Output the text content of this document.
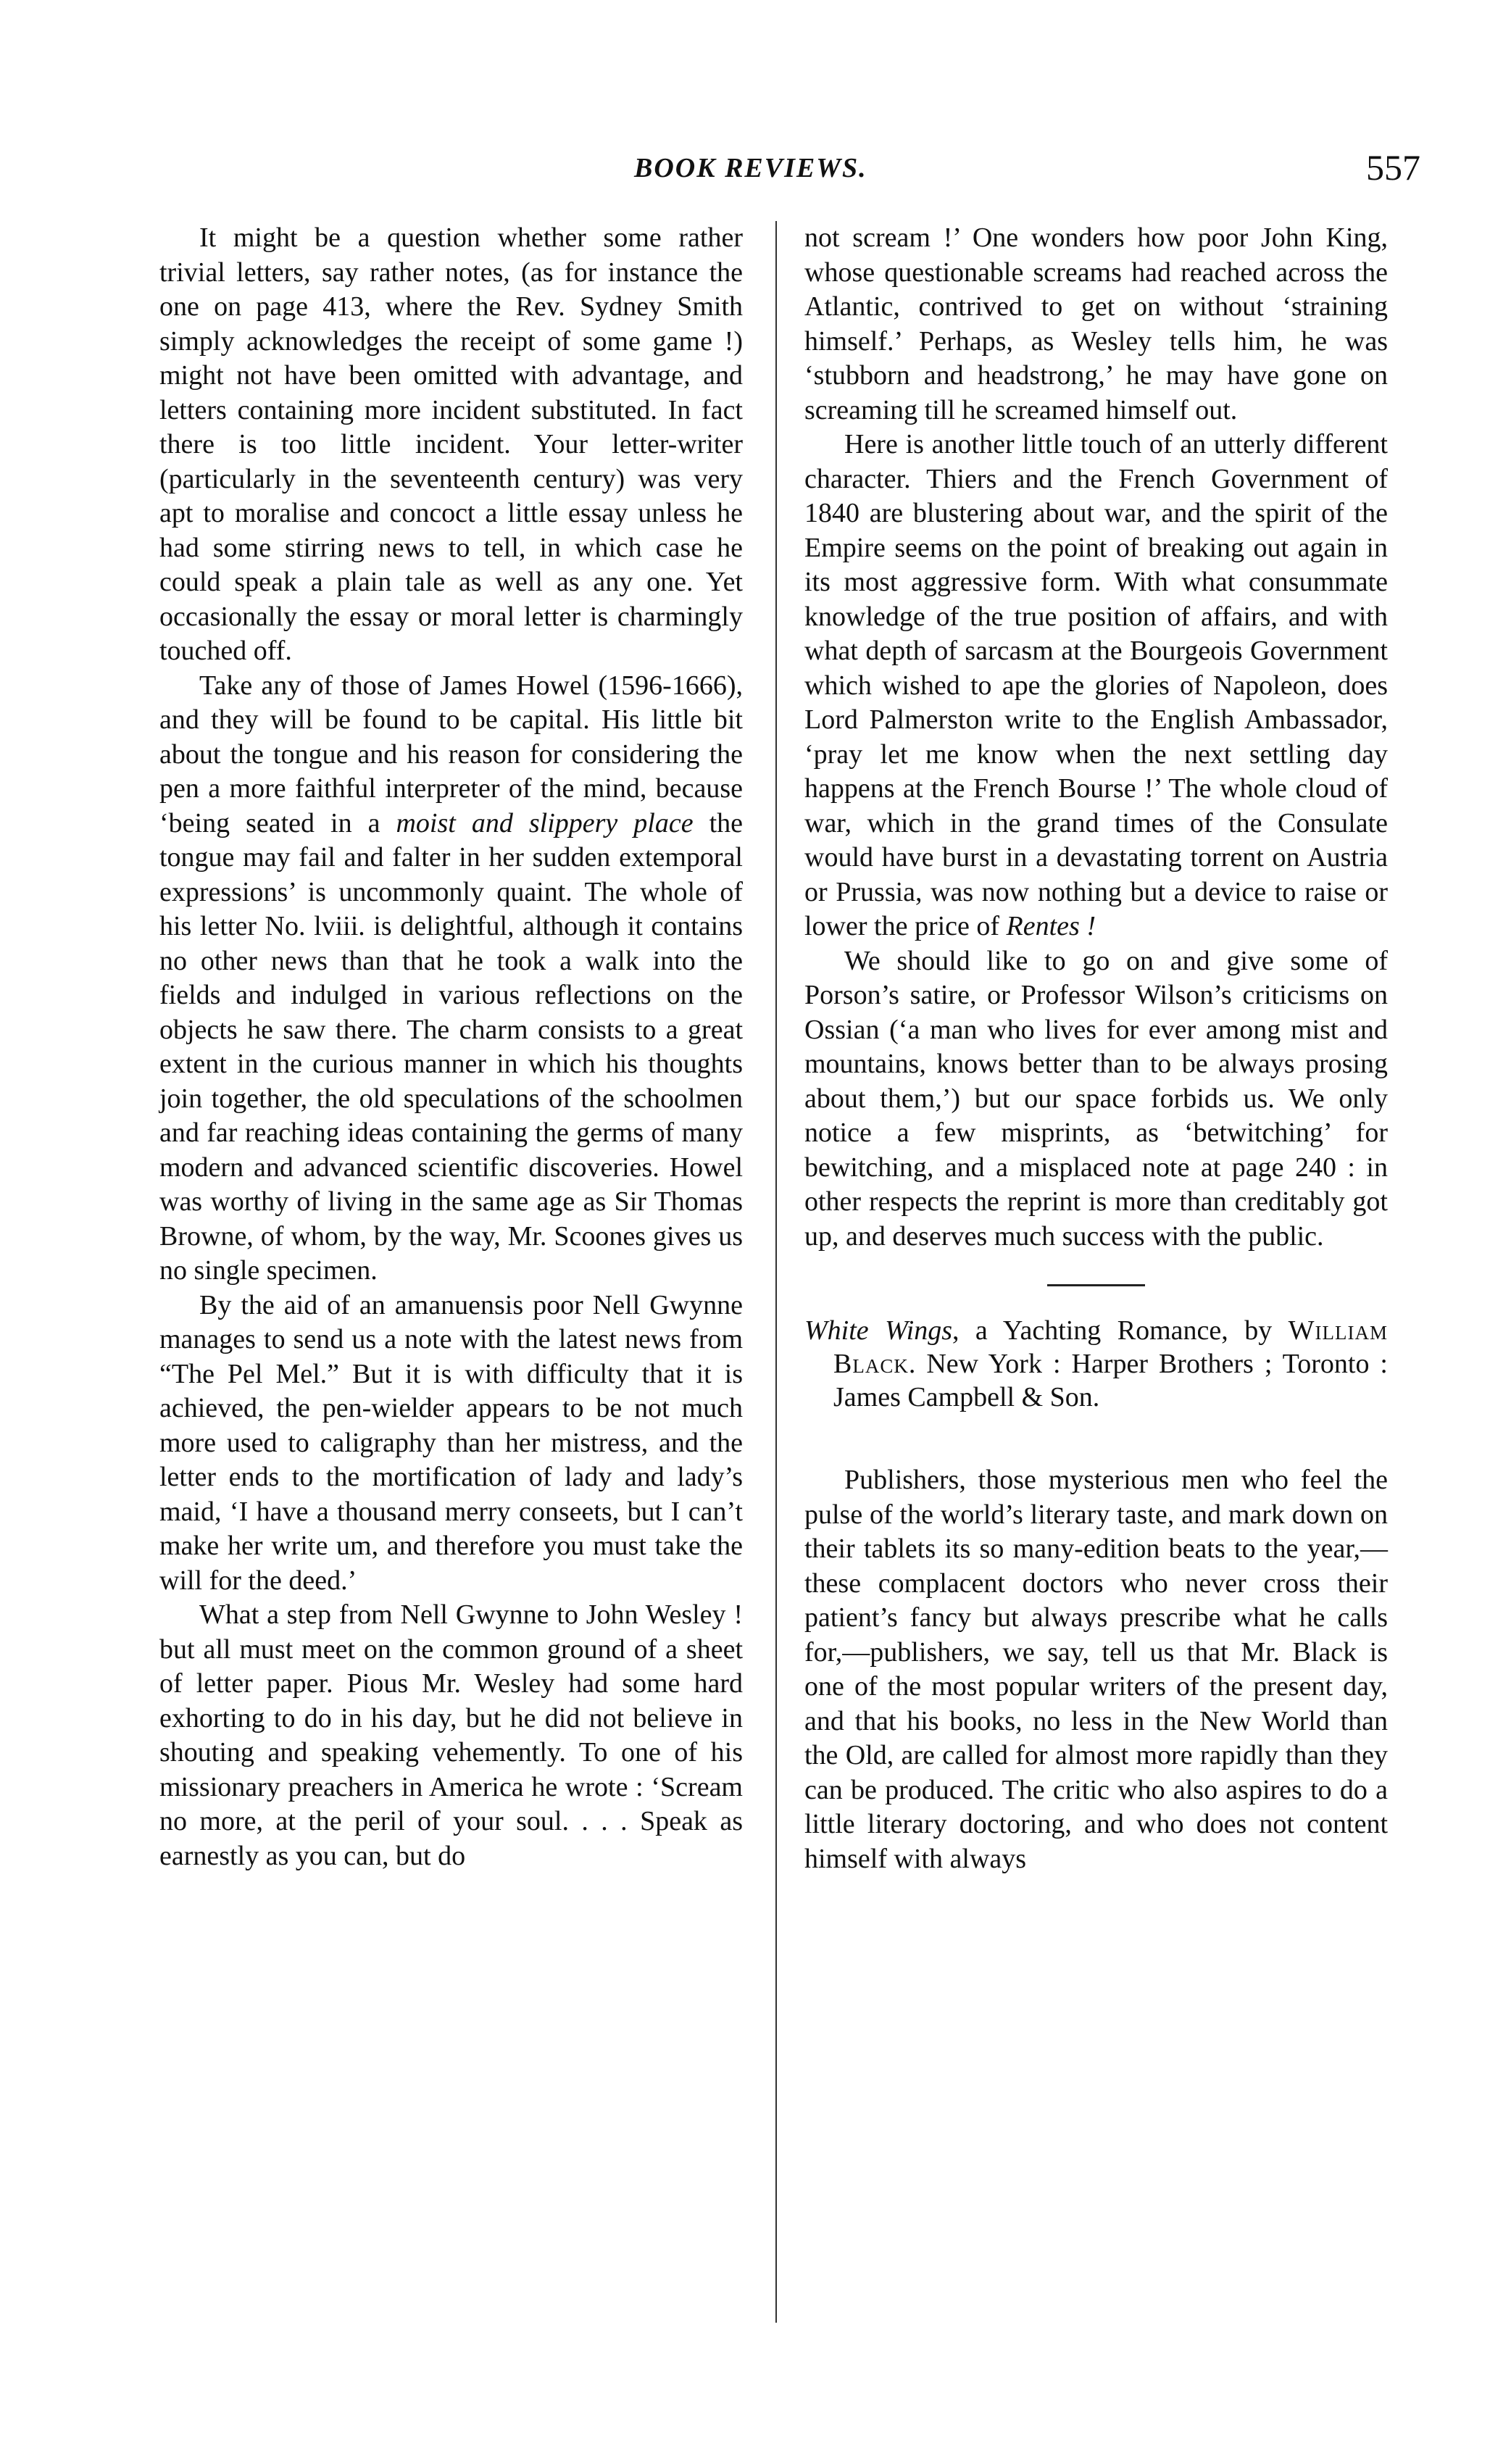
BOOK REVIEWS.	557

It might be a question whether some rather trivial letters, say rather notes, (as for instance the one on page 413, where the Rev. Sydney Smith simply acknowledges the receipt of some game !) might not have been omitted with advantage, and letters containing more incident substituted. In fact there is too little incident. Your letter-writer (particularly in the seventeenth century) was very apt to moralise and concoct a little essay unless he had some stirring news to tell, in which case he could speak a plain tale as well as any one. Yet occasionally the essay or moral letter is charmingly touched off.

Take any of those of James Howel (1596-1666), and they will be found to be capital. His little bit about the tongue and his reason for considering the pen a more faithful interpreter of the mind, because ‘being seated in a moist and slippery place the tongue may fail and falter in her sudden extemporal expressions’ is uncommonly quaint. The whole of his letter No. lviii. is delightful, although it contains no other news than that he took a walk into the fields and indulged in various reflections on the objects he saw there. The charm consists to a great extent in the curious manner in which his thoughts join together, the old speculations of the schoolmen and far reaching ideas containing the germs of many modern and advanced scientific discoveries. Howel was worthy of living in the same age as Sir Thomas Browne, of whom, by the way, Mr. Scoones gives us no single specimen.

By the aid of an amanuensis poor Nell Gwynne manages to send us a note with the latest news from “The Pel Mel.” But it is with difficulty that it is achieved, the pen-wielder appears to be not much more used to caligraphy than her mistress, and the letter ends to the mortification of lady and lady’s maid, ‘I have a thousand merry conseets, but I can’t make her write um, and therefore you must take the will for the deed.’

What a step from Nell Gwynne to John Wesley ! but all must meet on the common ground of a sheet of letter paper. Pious Mr. Wesley had some hard exhorting to do in his day, but he did not believe in shouting and speaking vehemently. To one of his missionary preachers in America he wrote : ‘Scream no more, at the peril of your soul. . . . Speak as earnestly as you can, but do

not scream !’ One wonders how poor John King, whose questionable screams had reached across the Atlantic, contrived to get on without ‘straining himself.’ Perhaps, as Wesley tells him, he was ‘stubborn and headstrong,’ he may have gone on screaming till he screamed himself out.

Here is another little touch of an utterly different character. Thiers and the French Government of 1840 are blustering about war, and the spirit of the Empire seems on the point of breaking out again in its most aggressive form. With what consummate knowledge of the true position of affairs, and with what depth of sarcasm at the Bourgeois Government which wished to ape the glories of Napoleon, does Lord Palmerston write to the English Ambassador, ‘pray let me know when the next settling day happens at the French Bourse !’ The whole cloud of war, which in the grand times of the Consulate would have burst in a devastating torrent on Austria or Prussia, was now nothing but a device to raise or lower the price of Rentes !

We should like to go on and give some of Porson’s satire, or Professor Wilson’s criticisms on Ossian (‘a man who lives for ever among mist and mountains, knows better than to be always prosing about them,’) but our space forbids us. We only notice a few misprints, as ‘betwitching’ for bewitching, and a misplaced note at page 240 : in other respects the reprint is more than creditably got up, and deserves much success with the public.

White Wings, a Yachting Romance, by William Black. New York : Harper Brothers ; Toronto : James Campbell & Son.

Publishers, those mysterious men who feel the pulse of the world’s literary taste, and mark down on their tablets its so many-edition beats to the year,—these complacent doctors who never cross their patient’s fancy but always prescribe what he calls for,—publishers, we say, tell us that Mr. Black is one of the most popular writers of the present day, and that his books, no less in the New World than the Old, are called for almost more rapidly than they can be produced. The critic who also aspires to do a little literary doctoring, and who does not content himself with always
